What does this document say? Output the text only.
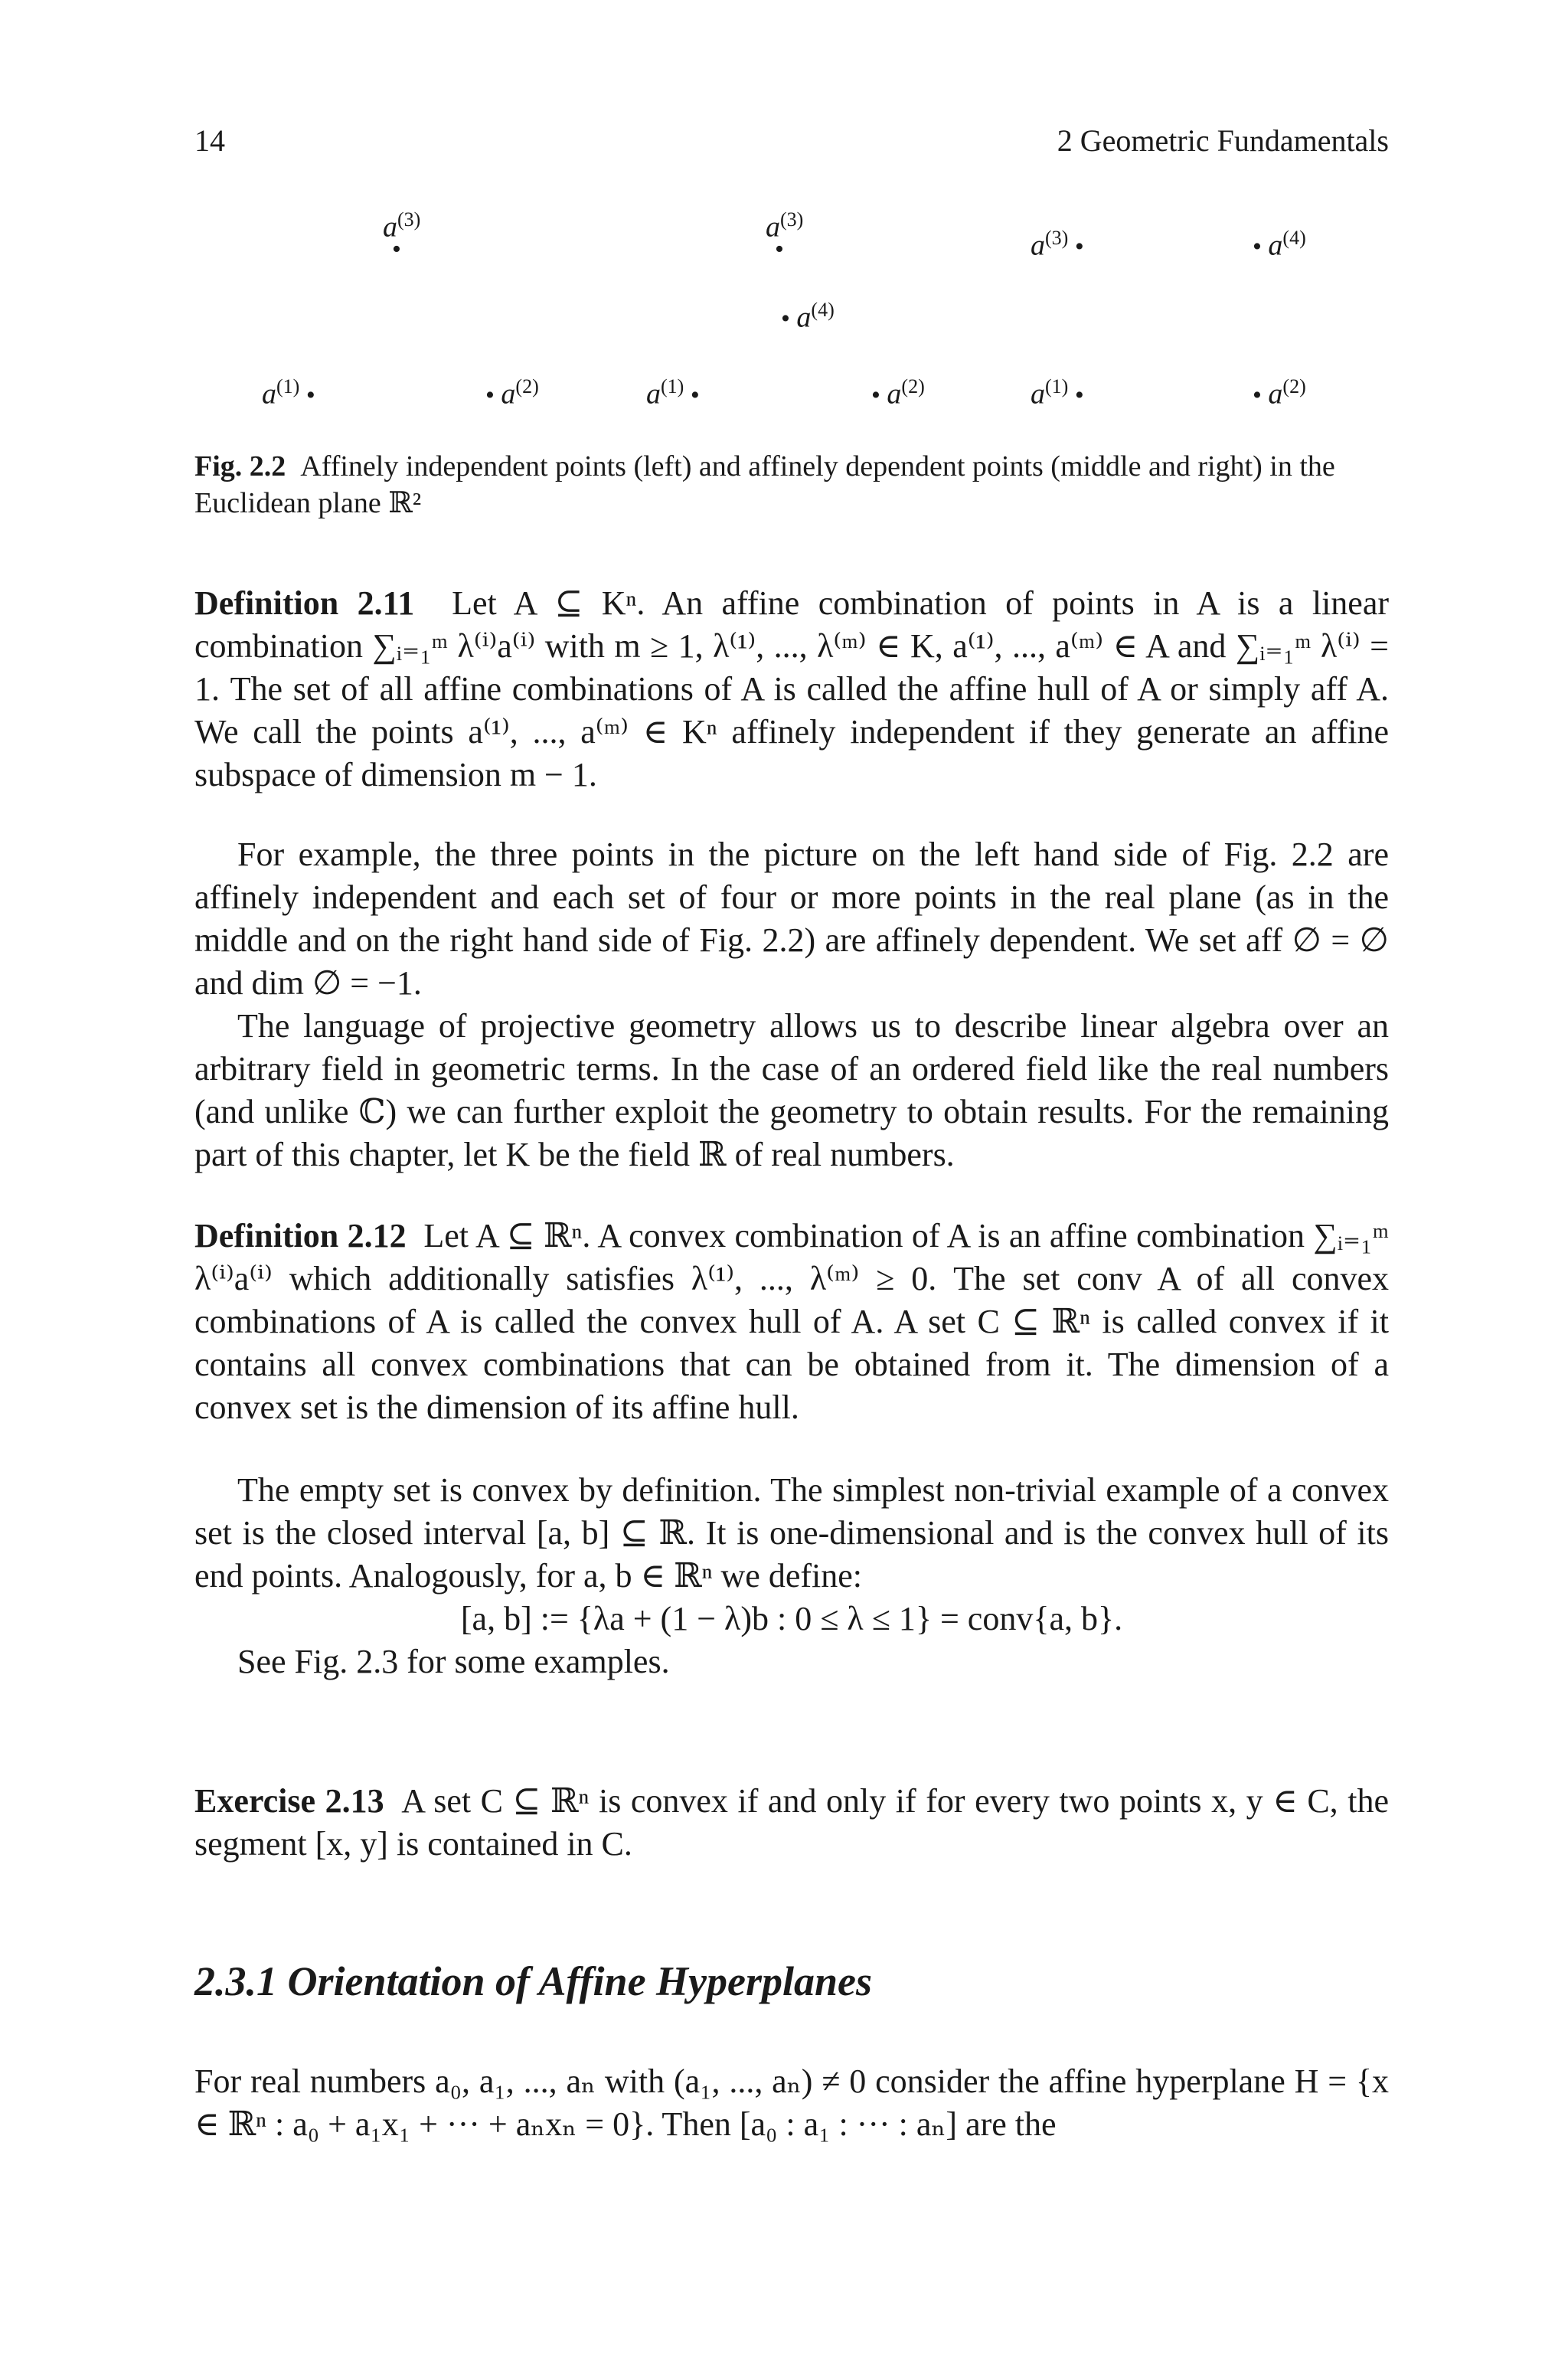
14	2 Geometric Fundamentals
$a^{(3)}$
•
$a^{(1)}$ •	• $a^{(2)}$
$a^{(3)}$
•
• $a^{(4)}$
$a^{(1)}$ •	• $a^{(2)}$
$a^{(3)}$ •	• $a^{(4)}$
$a^{(1)}$ •	• $a^{(2)}$
Fig. 2.2 Affinely independent points (left) and affinely dependent points (middle and right) in the Euclidean plane ℝ²

Definition 2.11 Let A ⊆ Kⁿ. An affine combination of points in A is a linear combination ∑ᵢ₌₁ᵐ λ⁽ⁱ⁾a⁽ⁱ⁾ with m ≥ 1, λ⁽¹⁾, ..., λ⁽ᵐ⁾ ∈ K, a⁽¹⁾, ..., a⁽ᵐ⁾ ∈ A and ∑ᵢ₌₁ᵐ λ⁽ⁱ⁾ = 1. The set of all affine combinations of A is called the affine hull of A or simply aff A. We call the points a⁽¹⁾, ..., a⁽ᵐ⁾ ∈ Kⁿ affinely independent if they generate an affine subspace of dimension m − 1.

For example, the three points in the picture on the left hand side of Fig. 2.2 are affinely independent and each set of four or more points in the real plane (as in the middle and on the right hand side of Fig. 2.2) are affinely dependent. We set aff ∅ = ∅ and dim ∅ = −1.

The language of projective geometry allows us to describe linear algebra over an arbitrary field in geometric terms. In the case of an ordered field like the real numbers (and unlike ℂ) we can further exploit the geometry to obtain results. For the remaining part of this chapter, let K be the field ℝ of real numbers.

Definition 2.12 Let A ⊆ ℝⁿ. A convex combination of A is an affine combination ∑ᵢ₌₁ᵐ λ⁽ⁱ⁾a⁽ⁱ⁾ which additionally satisfies λ⁽¹⁾, ..., λ⁽ᵐ⁾ ≥ 0. The set conv A of all convex combinations of A is called the convex hull of A. A set C ⊆ ℝⁿ is called convex if it contains all convex combinations that can be obtained from it. The dimension of a convex set is the dimension of its affine hull.

The empty set is convex by definition. The simplest non-trivial example of a convex set is the closed interval [a, b] ⊆ ℝ. It is one-dimensional and is the convex hull of its end points. Analogously, for a, b ∈ ℝⁿ we define:

[a, b] := {λa + (1 − λ)b : 0 ≤ λ ≤ 1} = conv{a, b}.

See Fig. 2.3 for some examples.

Exercise 2.13 A set C ⊆ ℝⁿ is convex if and only if for every two points x, y ∈ C, the segment [x, y] is contained in C.

2.3.1 Orientation of Affine Hyperplanes

For real numbers a₀, a₁, ..., aₙ with (a₁, ..., aₙ) ≠ 0 consider the affine hyperplane H = {x ∈ ℝⁿ : a₀ + a₁x₁ + ··· + aₙxₙ = 0}. Then [a₀ : a₁ : ··· : aₙ] are the
